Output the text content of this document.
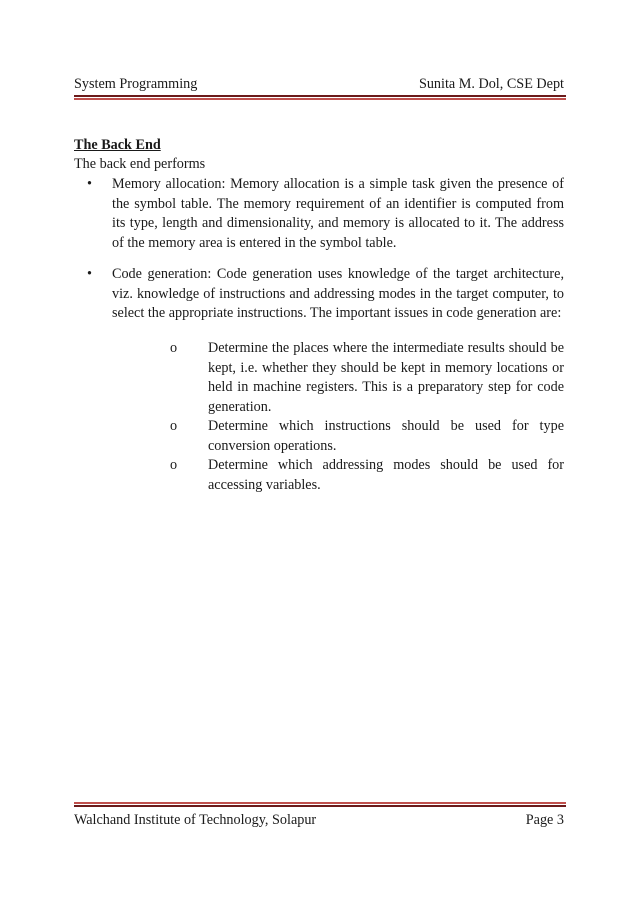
System Programming	Sunita M. Dol, CSE Dept
The Back End
The back end performs
• Memory allocation: Memory allocation is a simple task given the presence of the symbol table. The memory requirement of an identifier is computed from its type, length and dimensionality, and memory is allocated to it. The address of the memory area is entered in the symbol table.
• Code generation: Code generation uses knowledge of the target architecture, viz. knowledge of instructions and addressing modes in the target computer, to select the appropriate instructions. The important issues in code generation are:
o Determine the places where the intermediate results should be kept, i.e. whether they should be kept in memory locations or held in machine registers. This is a preparatory step for code generation.
o Determine which instructions should be used for type conversion operations.
o Determine which addressing modes should be used for accessing variables.
Walchand Institute of Technology, Solapur	Page 3
